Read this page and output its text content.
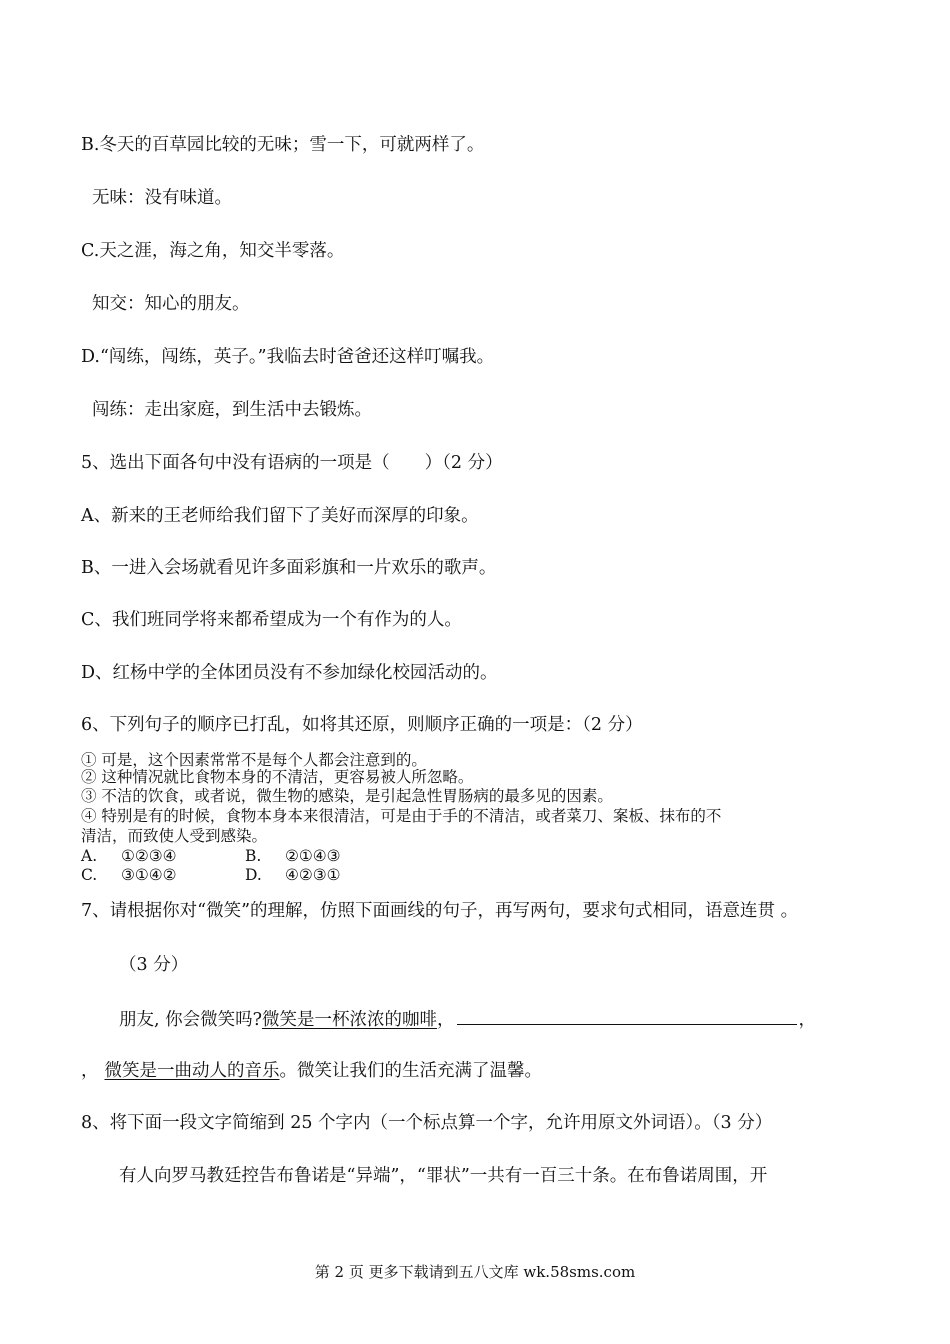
B.冬天的百草园比较的无味；雪一下，可就两样了。
无味：没有味道。
C.天之涯，海之角，知交半零落。
知交：知心的朋友。
D.“闯练，闯练，英子。”我临去时爸爸还这样叮嘱我。
闯练：走出家庭，到生活中去锻炼。
5、选出下面各句中没有语病的一项是（　　）（2 分）
A、新来的王老师给我们留下了美好而深厚的印象。
B、一进入会场就看见许多面彩旗和一片欢乐的歌声。
C、我们班同学将来都希望成为一个有作为的人。
D、红杨中学的全体团员没有不参加绿化校园活动的。
6、下列句子的顺序已打乱，如将其还原，则顺序正确的一项是：（2 分）
① 可是，这个因素常常不是每个人都会注意到的。
② 这种情况就比食物本身的不清洁，更容易被人所忽略。
③ 不洁的饮食，或者说，微生物的感染，是引起急性胃肠病的最多见的因素。
④ 特别是有的时候，食物本身本来很清洁，可是由于手的不清洁，或者菜刀、案板、抹布的不
清洁，而致使人受到感染。
A. ①②③④	B. ②①④③
C. ③①④②	D. ④②③①
7、请根据你对“微笑”的理解，仿照下面画线的句子，再写两句，要求句式相同，语意连贯 。
（3 分）
朋友, 你会微笑吗?微笑是一杯浓浓的咖啡，	，
， 微笑是一曲动人的音乐。微笑让我们的生活充满了温馨。
8、将下面一段文字简缩到 25 个字内（一个标点算一个字，允许用原文外词语）。（3 分）
有人向罗马教廷控告布鲁诺是“异端”，“罪状”一共有一百三十条。在布鲁诺周围，开
第 2 页 更多下载请到五八文库 wk.58sms.com
